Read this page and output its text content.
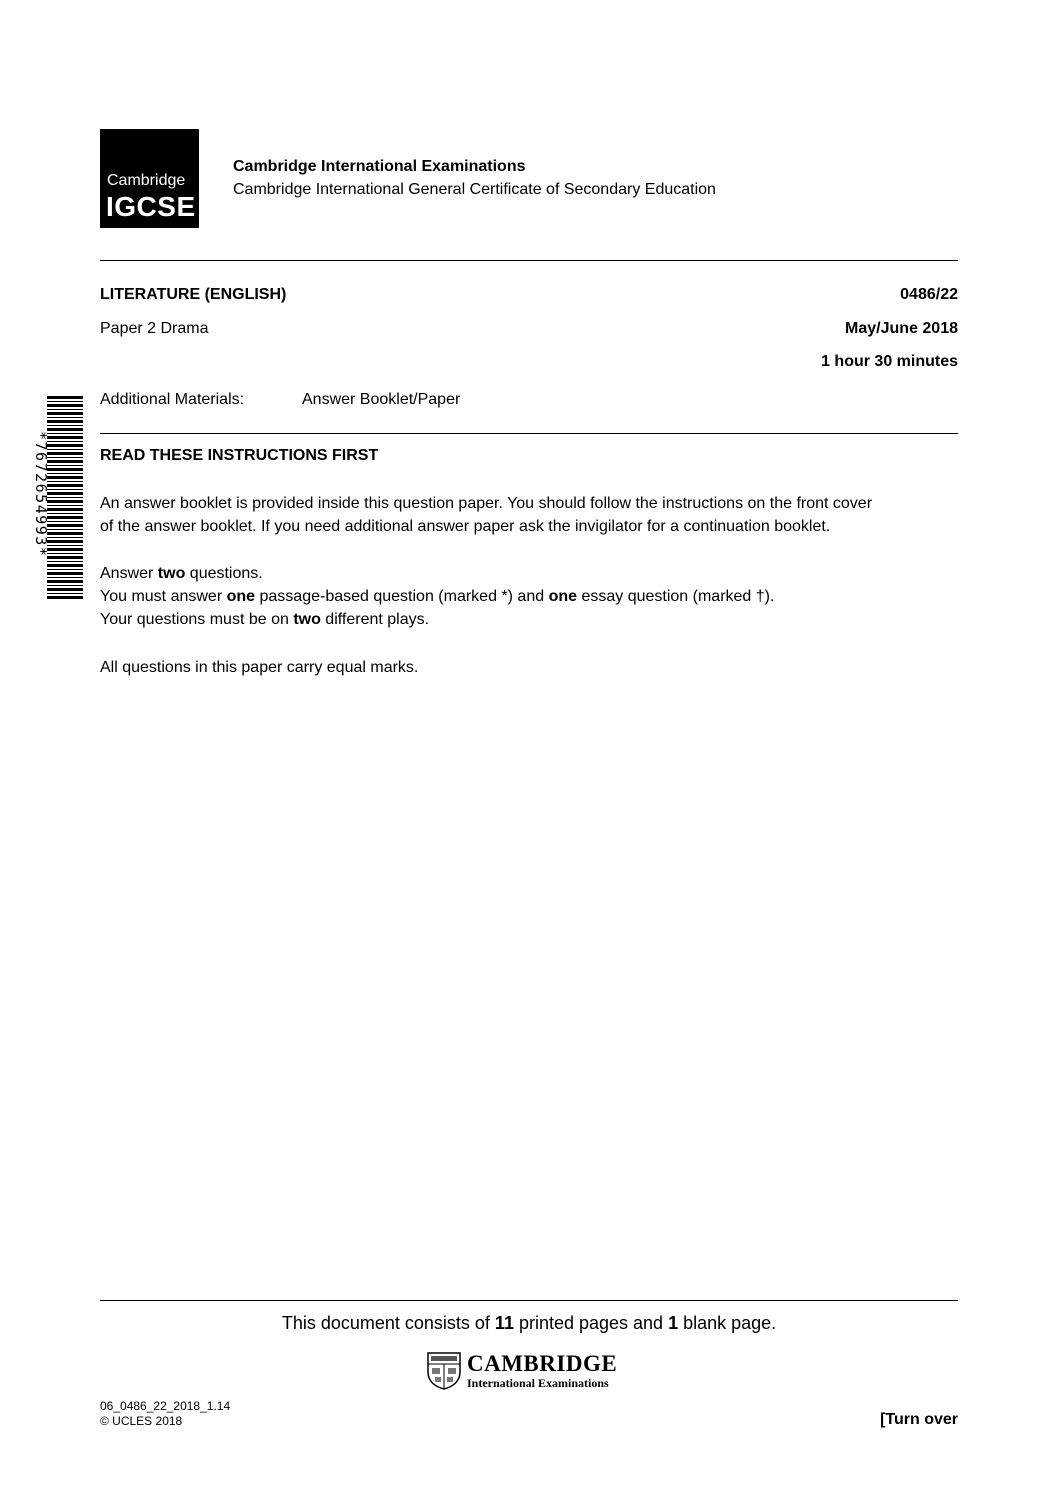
Cambridge
IGCSE
Cambridge International Examinations
Cambridge International General Certificate of Secondary Education
LITERATURE (ENGLISH)	0486/22
Paper 2 Drama	May/June 2018
1 hour 30 minutes
Additional Materials:	Answer Booklet/Paper
*7672654993*	READ THESE INSTRUCTIONS FIRST

An answer booklet is provided inside this question paper. You should follow the instructions on the front cover
of the answer booklet. If you need additional answer paper ask the invigilator for a continuation booklet.

Answer two questions.
You must answer one passage-based question (marked *) and one essay question (marked †).
Your questions must be on two different plays.

All questions in this paper carry equal marks.

This document consists of 11 printed pages and 1 blank page.
CAMBRIDGE
International Examinations
06_0486_22_2018_1.14
© UCLES 2018	[Turn over
